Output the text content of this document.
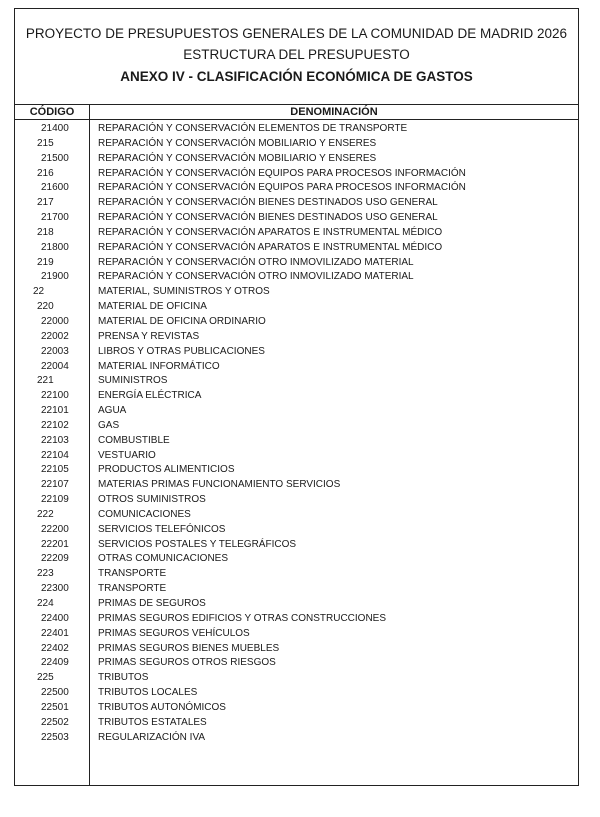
PROYECTO DE PRESUPUESTOS GENERALES DE LA COMUNIDAD DE MADRID 2026
ESTRUCTURA DEL PRESUPUESTO
ANEXO IV - CLASIFICACIÓN ECONÓMICA DE GASTOS
CÓDIGO	DENOMINACIÓN
21400	REPARACIÓN Y CONSERVACIÓN ELEMENTOS DE TRANSPORTE
215	REPARACIÓN Y CONSERVACIÓN MOBILIARIO Y ENSERES
21500	REPARACIÓN Y CONSERVACIÓN MOBILIARIO Y ENSERES
216	REPARACIÓN Y CONSERVACIÓN EQUIPOS PARA PROCESOS INFORMACIÓN
21600	REPARACIÓN Y CONSERVACIÓN EQUIPOS PARA PROCESOS INFORMACIÓN
217	REPARACIÓN Y CONSERVACIÓN BIENES DESTINADOS USO GENERAL
21700	REPARACIÓN Y CONSERVACIÓN BIENES DESTINADOS USO GENERAL
218	REPARACIÓN Y CONSERVACIÓN APARATOS E INSTRUMENTAL MÉDICO
21800	REPARACIÓN Y CONSERVACIÓN APARATOS E INSTRUMENTAL MÉDICO
219	REPARACIÓN Y CONSERVACIÓN OTRO INMOVILIZADO MATERIAL
21900	REPARACIÓN Y CONSERVACIÓN OTRO INMOVILIZADO MATERIAL
22	MATERIAL, SUMINISTROS Y OTROS
220	MATERIAL DE OFICINA
22000	MATERIAL DE OFICINA ORDINARIO
22002	PRENSA Y REVISTAS
22003	LIBROS Y OTRAS PUBLICACIONES
22004	MATERIAL INFORMÁTICO
221	SUMINISTROS
22100	ENERGÍA ELÉCTRICA
22101	AGUA
22102	GAS
22103	COMBUSTIBLE
22104	VESTUARIO
22105	PRODUCTOS ALIMENTICIOS
22107	MATERIAS PRIMAS FUNCIONAMIENTO SERVICIOS
22109	OTROS SUMINISTROS
222	COMUNICACIONES
22200	SERVICIOS TELEFÓNICOS
22201	SERVICIOS POSTALES Y TELEGRÁFICOS
22209	OTRAS COMUNICACIONES
223	TRANSPORTE
22300	TRANSPORTE
224	PRIMAS DE SEGUROS
22400	PRIMAS SEGUROS EDIFICIOS Y OTRAS CONSTRUCCIONES
22401	PRIMAS SEGUROS VEHÍCULOS
22402	PRIMAS SEGUROS BIENES MUEBLES
22409	PRIMAS SEGUROS OTROS RIESGOS
225	TRIBUTOS
22500	TRIBUTOS LOCALES
22501	TRIBUTOS AUTONÓMICOS
22502	TRIBUTOS ESTATALES
22503	REGULARIZACIÓN IVA
